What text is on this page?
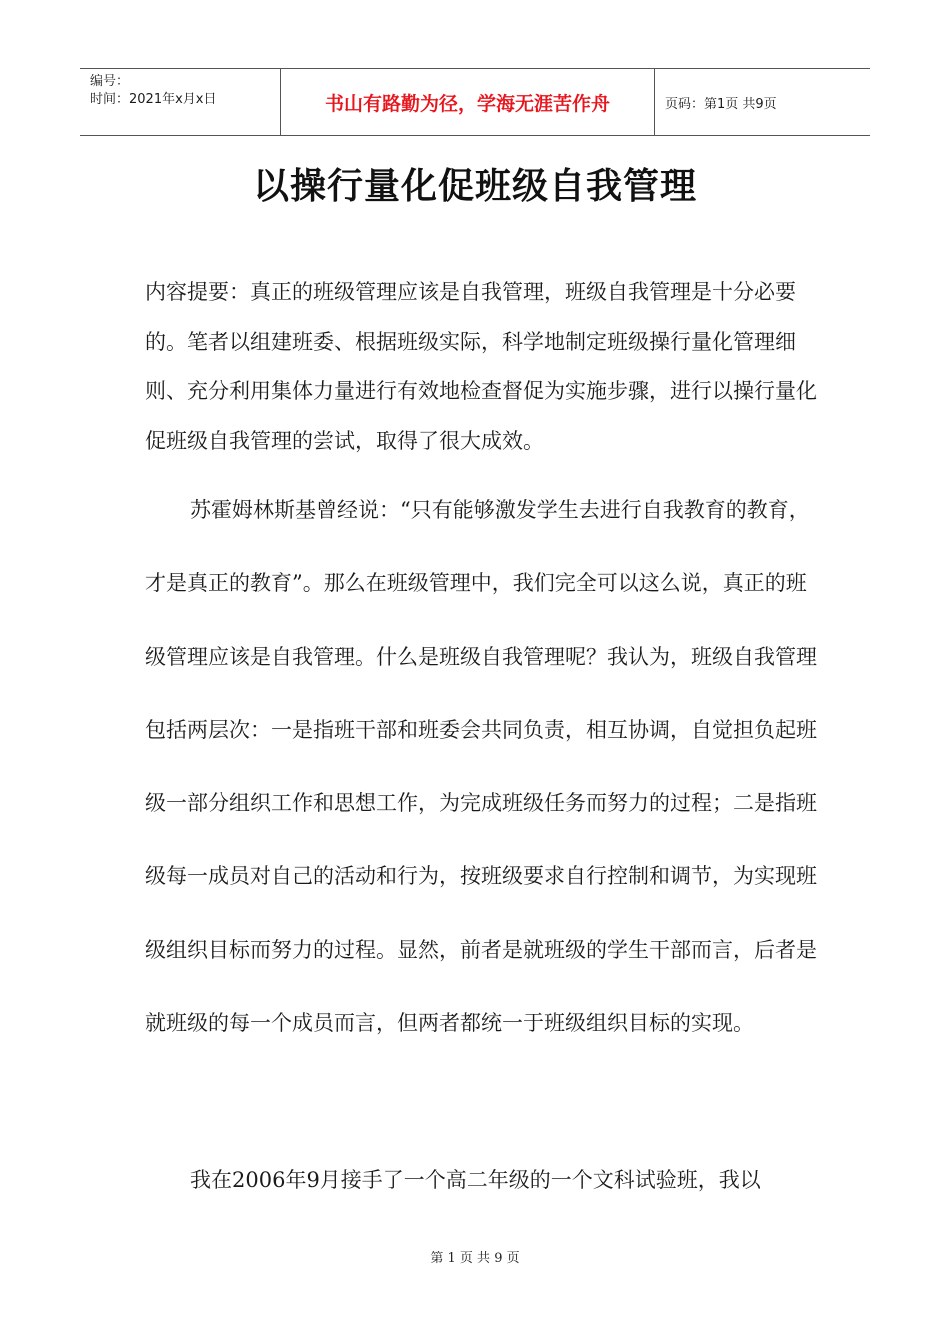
编号：
时间：2021年x月x日	书山有路勤为径，学海无涯苦作舟	页码：第1页 共9页
以操行量化促班级自我管理
内容提要：真正的班级管理应该是自我管理，班级自我管理是十分必要的。笔者以组建班委、根据班级实际，科学地制定班级操行量化管理细则、充分利用集体力量进行有效地检查督促为实施步骤，进行以操行量化促班级自我管理的尝试，取得了很大成效。

苏霍姆林斯基曾经说：“只有能够激发学生去进行自我教育的教育，才是真正的教育”。那么在班级管理中，我们完全可以这么说，真正的班级管理应该是自我管理。什么是班级自我管理呢？我认为，班级自我管理包括两层次：一是指班干部和班委会共同负责，相互协调，自觉担负起班级一部分组织工作和思想工作，为完成班级任务而努力的过程；二是指班级每一成员对自己的活动和行为，按班级要求自行控制和调节，为实现班级组织目标而努力的过程。显然，前者是就班级的学生干部而言，后者是就班级的每一个成员而言，但两者都统一于班级组织目标的实现。

我在2006年9月接手了一个高二年级的一个文科试验班，我以

第 1 页 共 9 页
